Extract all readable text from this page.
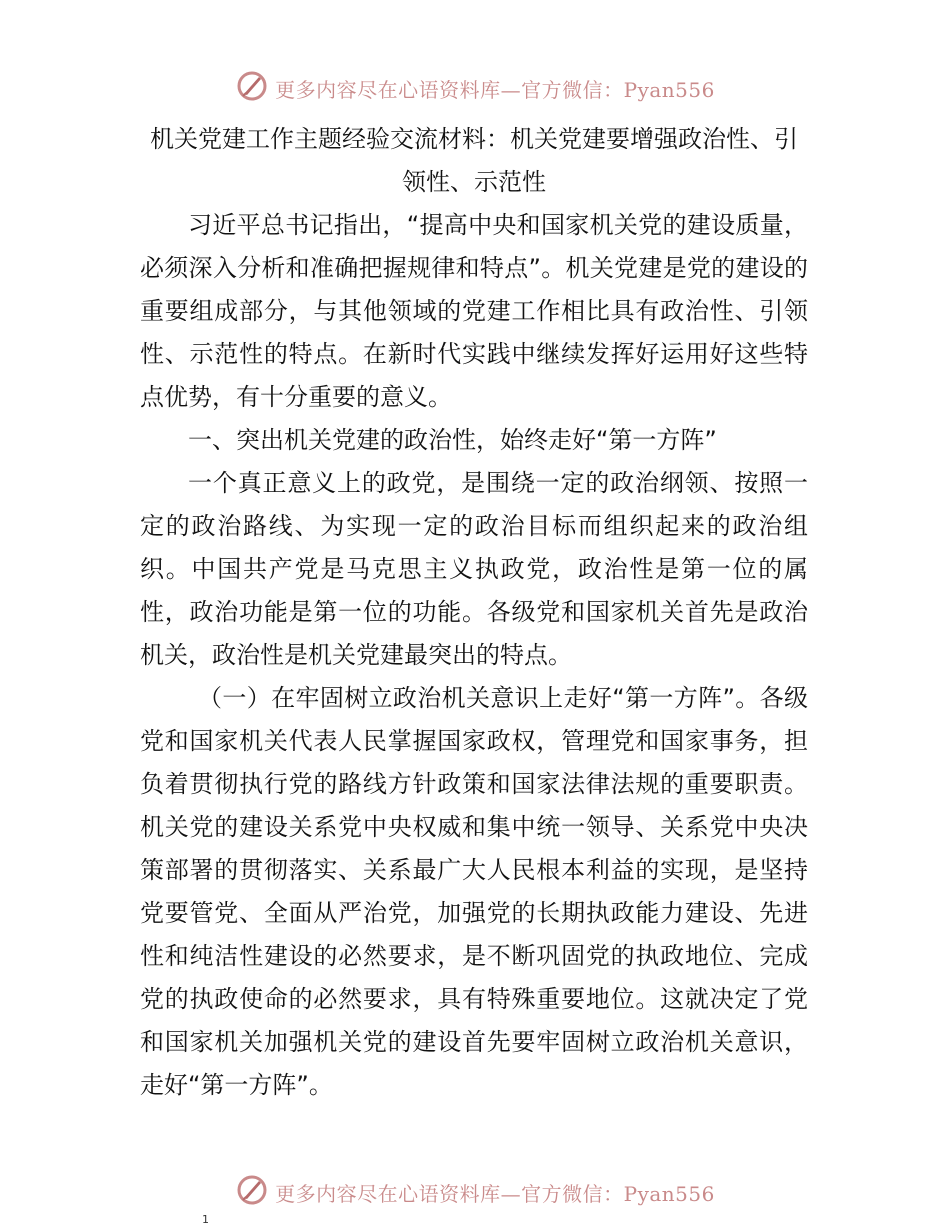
更多内容尽在心语资料库—官方微信：Pyan556
机关党建工作主题经验交流材料：机关党建要增强政治性、引领性、示范性

习近平总书记指出，“提高中央和国家机关党的建设质量，必须深入分析和准确把握规律和特点”。机关党建是党的建设的重要组成部分，与其他领域的党建工作相比具有政治性、引领性、示范性的特点。在新时代实践中继续发挥好运用好这些特点优势，有十分重要的意义。

一、突出机关党建的政治性，始终走好“第一方阵”

一个真正意义上的政党，是围绕一定的政治纲领、按照一定的政治路线、为实现一定的政治目标而组织起来的政治组织。中国共产党是马克思主义执政党，政治性是第一位的属性，政治功能是第一位的功能。各级党和国家机关首先是政治机关，政治性是机关党建最突出的特点。

（一）在牢固树立政治机关意识上走好“第一方阵”。各级党和国家机关代表人民掌握国家政权，管理党和国家事务，担负着贯彻执行党的路线方针政策和国家法律法规的重要职责。机关党的建设关系党中央权威和集中统一领导、关系党中央决策部署的贯彻落实、关系最广大人民根本利益的实现，是坚持党要管党、全面从严治党，加强党的长期执政能力建设、先进性和纯洁性建设的必然要求，是不断巩固党的执政地位、完成党的执政使命的必然要求，具有特殊重要地位。这就决定了党和国家机关加强机关党的建设首先要牢固树立政治机关意识，走好“第一方阵”。

更多内容尽在心语资料库—官方微信：Pyan556
1
